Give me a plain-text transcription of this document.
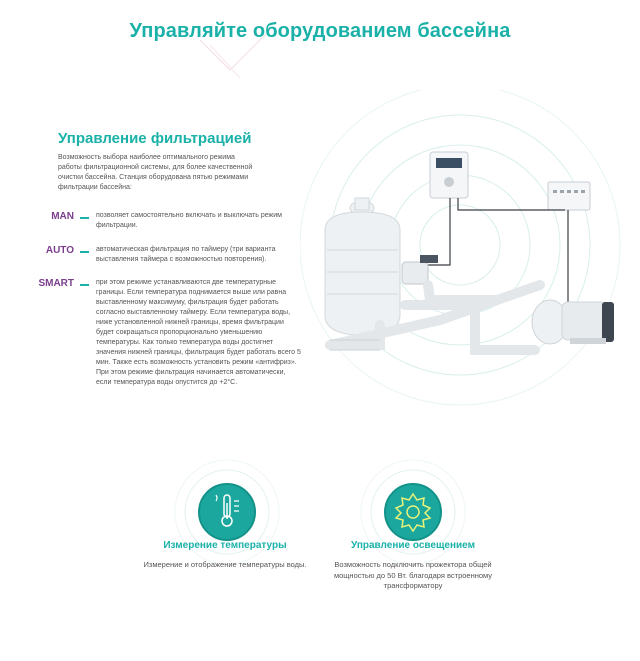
Управляйте оборудованием бассейна
Управление фильтрацией
Возможность выбора наиболее оптимального режима работы фильтрационной системы, для более качественной очистки бассейна. Станция оборудована пятью режимами фильтрации бассейна:
MAN	позволяет самостоятельно включать и выключать режим фильтрации.
AUTO	автоматическая фильтрация по таймеру (три варианта выставления таймера с возможностью повторения).
SMART	при этом режиме устанавливаются две температурные границы. Если температура поднимается выше или равна выставленному максимуму, фильтрация будет работать согласно выставленному таймеру. Если температура воды, ниже установленной нижней границы, время фильтрации будет сокращаться пропорционально уменьшению температуры. Как только температура воды достигнет значения нижней границы, фильтрация будет работать всего 5 мин. Также есть возможность установить режим «антифриз». При этом режиме фильтрация начинается автоматически, если температура воды опустится до +2°C.
Измерение температуры
Измерение и отображение температуры воды.
Управление освещением
Возможность подключить прожектора общей мощностью до 50 Вт. благодаря встроенному трансформатору
